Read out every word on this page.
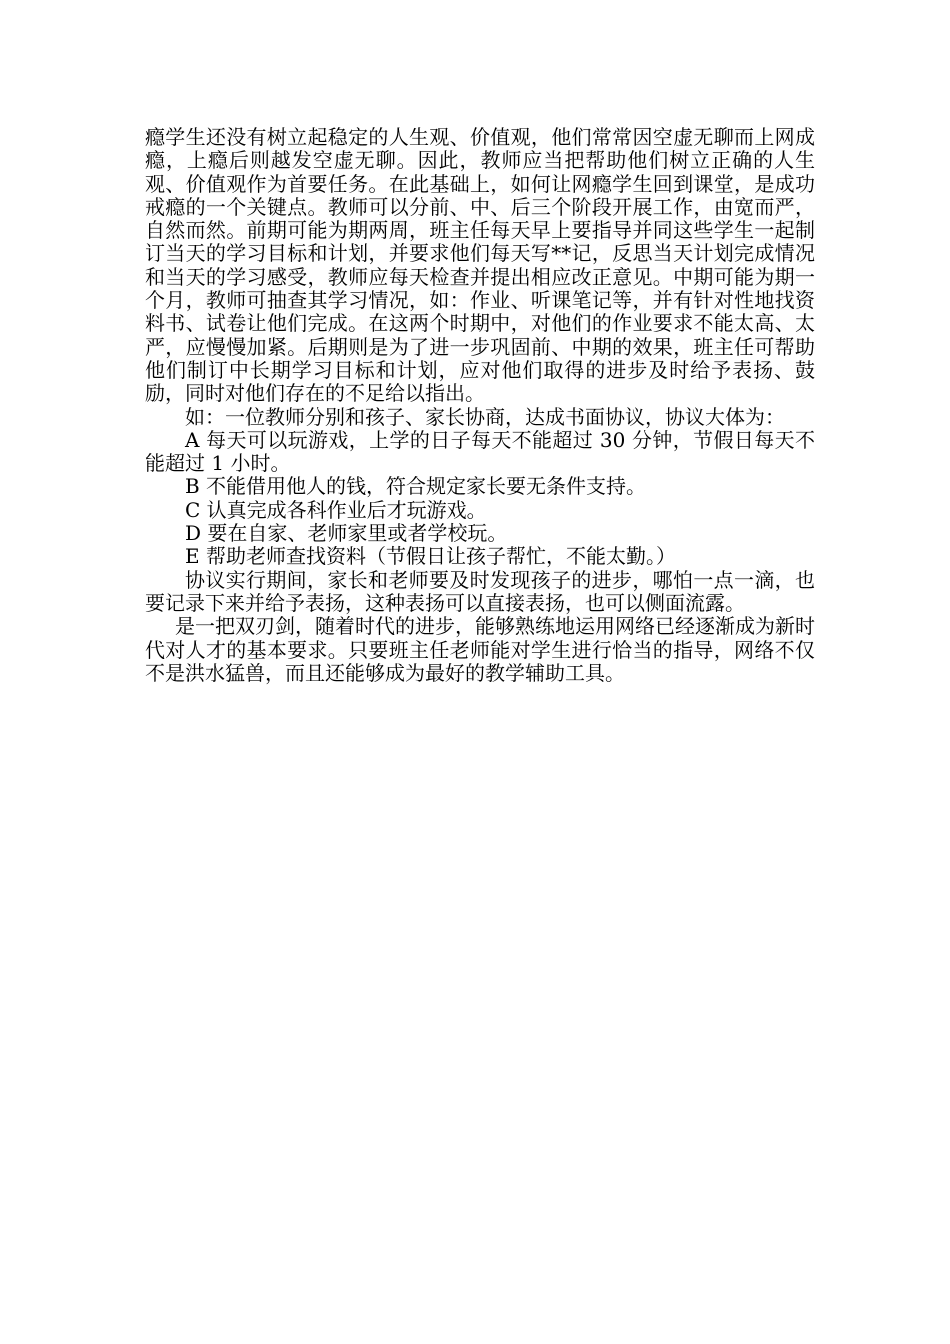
瘾学生还没有树立起稳定的人生观、价值观，他们常常因空虚无聊而上网成瘾，上瘾后则越发空虚无聊。因此，教师应当把帮助他们树立正确的人生观、价值观作为首要任务。在此基础上，如何让网瘾学生回到课堂，是成功戒瘾的一个关键点。教师可以分前、中、后三个阶段开展工作，由宽而严，自然而然。前期可能为期两周，班主任每天早上要指导并同这些学生一起制订当天的学习目标和计划，并要求他们每天写**记，反思当天计划完成情况和当天的学习感受，教师应每天检查并提出相应改正意见。中期可能为期一个月，教师可抽查其学习情况，如：作业、听课笔记等，并有针对性地找资料书、试卷让他们完成。在这两个时期中，对他们的作业要求不能太高、太严，应慢慢加紧。后期则是为了进一步巩固前、中期的效果，班主任可帮助他们制订中长期学习目标和计划，应对他们取得的进步及时给予表扬、鼓励，同时对他们存在的不足给以指出。

如：一位教师分别和孩子、家长协商，达成书面协议，协议大体为：

A 每天可以玩游戏，上学的日子每天不能超过 30 分钟，节假日每天不能超过 1 小时。

B 不能借用他人的钱，符合规定家长要无条件支持。

C 认真完成各科作业后才玩游戏。

D 要在自家、老师家里或者学校玩。

E 帮助老师查找资料（节假日让孩子帮忙，不能太勤。）

协议实行期间，家长和老师要及时发现孩子的进步，哪怕一点一滴，也要记录下来并给予表扬，这种表扬可以直接表扬，也可以侧面流露。

是一把双刃剑，随着时代的进步，能够熟练地运用网络已经逐渐成为新时代对人才的基本要求。只要班主任老师能对学生进行恰当的指导，网络不仅不是洪水猛兽，而且还能够成为最好的教学辅助工具。
